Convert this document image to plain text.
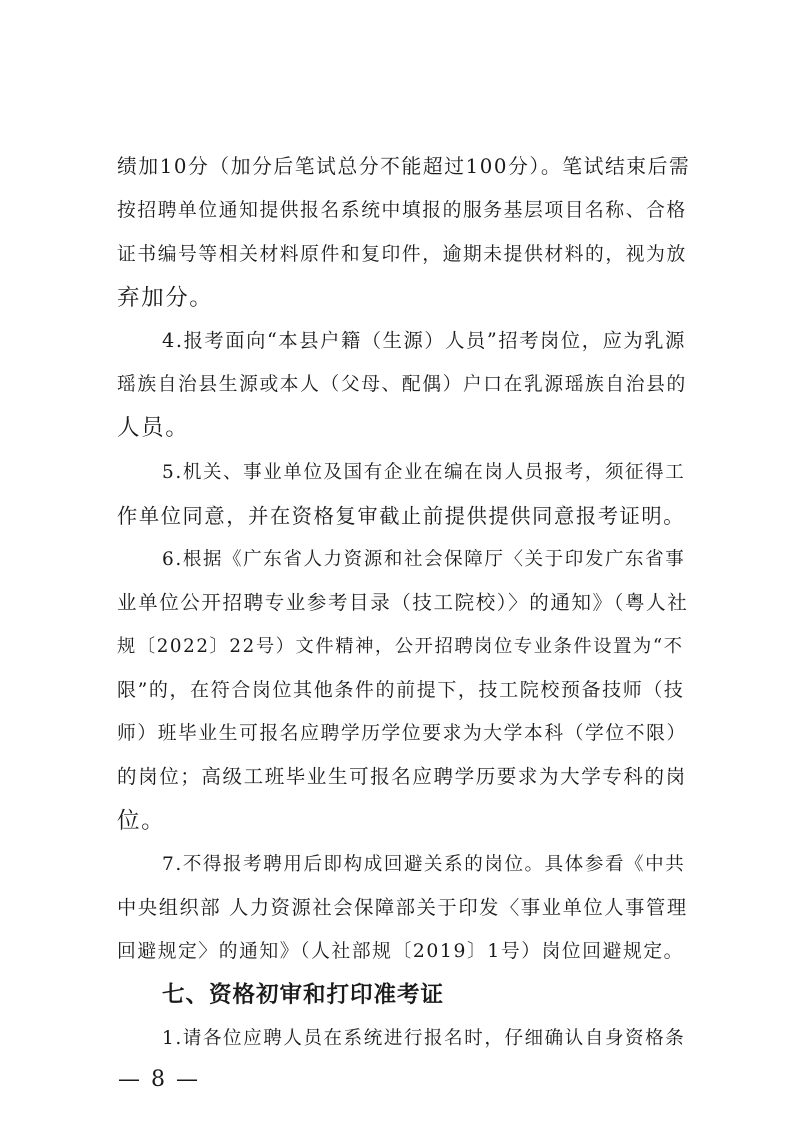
绩加10分（加分后笔试总分不能超过100分）。笔试结束后需
按招聘单位通知提供报名系统中填报的服务基层项目名称、合格
证书编号等相关材料原件和复印件，逾期未提供材料的，视为放
弃加分。
4.报考面向“本县户籍（生源）人员”招考岗位，应为乳源
瑶族自治县生源或本人（父母、配偶）户口在乳源瑶族自治县的
人员。
5.机关、事业单位及国有企业在编在岗人员报考，须征得工
作单位同意，并在资格复审截止前提供提供同意报考证明。
6.根据《广东省人力资源和社会保障厅〈关于印发广东省事
业单位公开招聘专业参考目录（技工院校）〉的通知》（粤人社
规〔2022〕22号）文件精神，公开招聘岗位专业条件设置为“不
限”的，在符合岗位其他条件的前提下，技工院校预备技师（技
师）班毕业生可报名应聘学历学位要求为大学本科（学位不限）
的岗位；高级工班毕业生可报名应聘学历要求为大学专科的岗
位。
7.不得报考聘用后即构成回避关系的岗位。具体参看《中共
中央组织部 人力资源社会保障部关于印发〈事业单位人事管理
回避规定〉的通知》（人社部规〔2019〕1号）岗位回避规定。
七、资格初审和打印准考证
1.请各位应聘人员在系统进行报名时，仔细确认自身资格条
— 8 —
